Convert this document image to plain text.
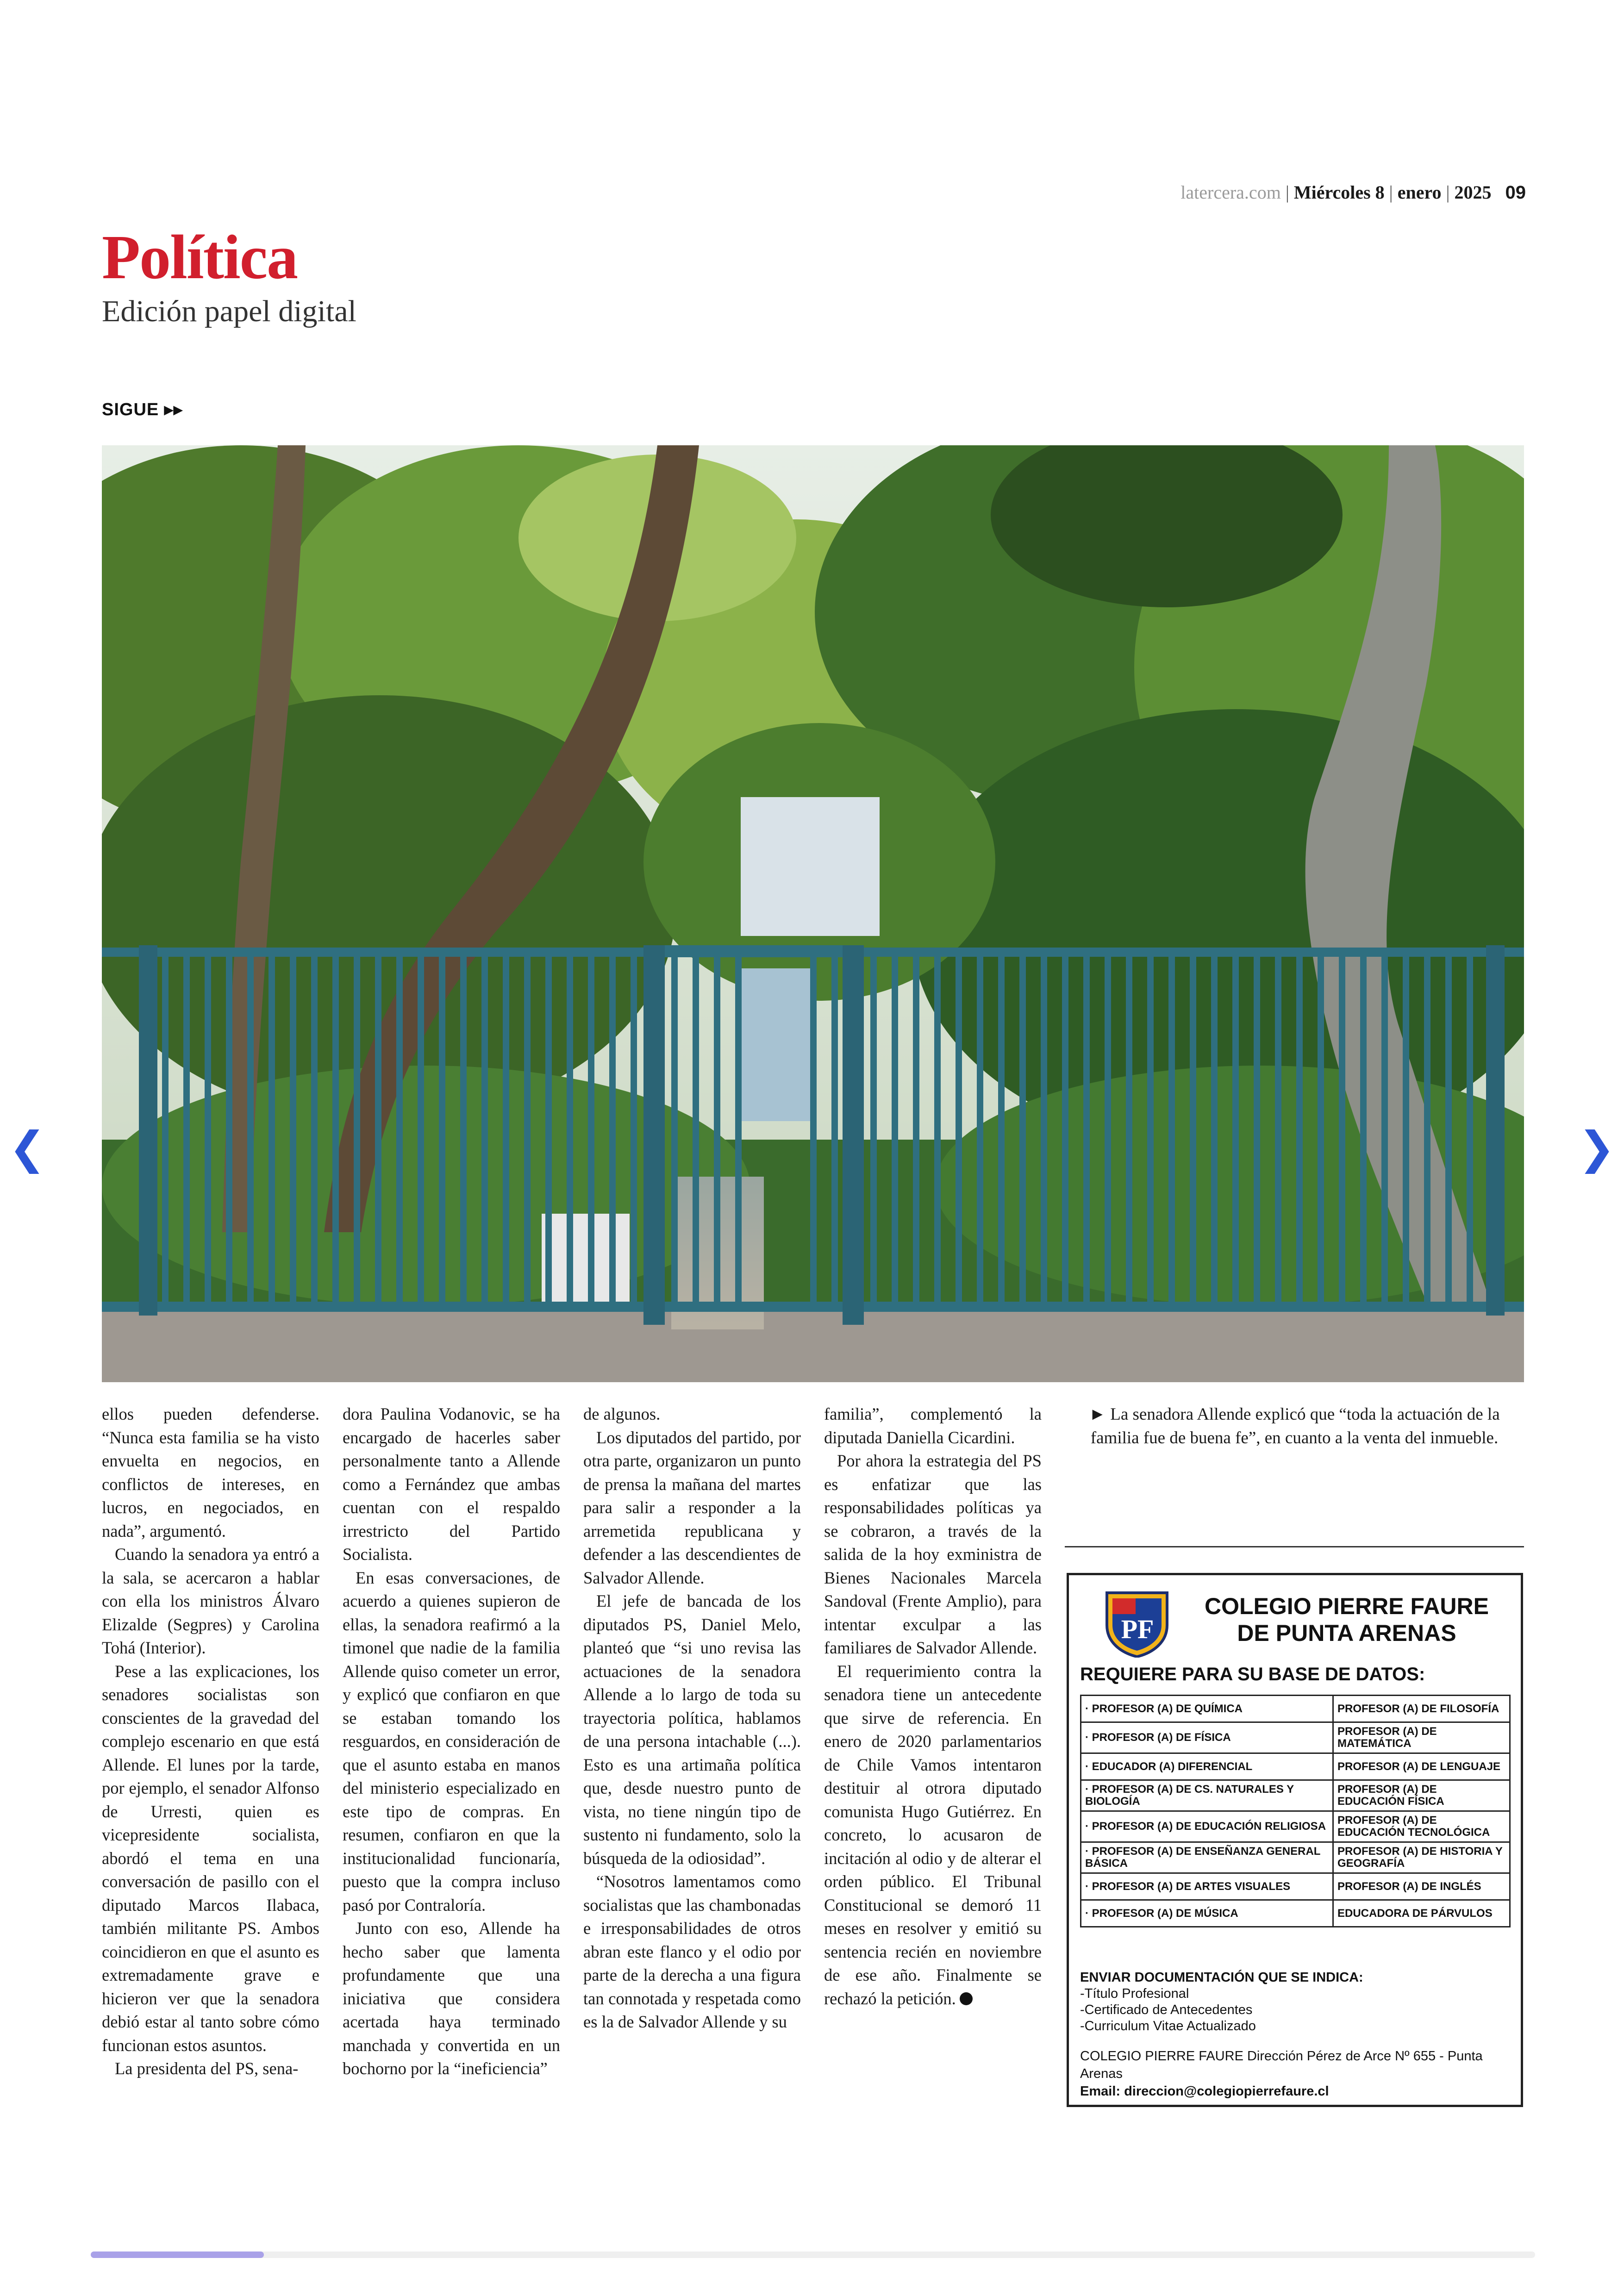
latercera.com | Miércoles 8 | enero | 2025 09
Política
Edición papel digital
SIGUE ▸▸
❮	❯

ellos pueden defenderse. “Nunca esta familia se ha visto envuelta en negocios, en conflictos de intereses, en lucros, en negociados, en nada”, argumentó.

Cuando la senadora ya entró a la sala, se acercaron a hablar con ella los ministros Álvaro Elizalde (Segpres) y Carolina Tohá (Interior).

Pese a las explicaciones, los senadores socialistas son conscientes de la gravedad del complejo escenario en que está Allende. El lunes por la tarde, por ejemplo, el senador Alfonso de Urresti, quien es vicepresidente socialista, abordó el tema en una conversación de pasillo con el diputado Marcos Ilabaca, también militante PS. Ambos coincidieron en que el asunto es extremadamente grave e hicieron ver que la senadora debió estar al tanto sobre cómo funcionan estos asuntos.

La presidenta del PS, sena-

dora Paulina Vodanovic, se ha encargado de hacerles saber personalmente tanto a Allende como a Fernández que ambas cuentan con el respaldo irrestricto del Partido Socialista.

En esas conversaciones, de acuerdo a quienes supieron de ellas, la senadora reafirmó a la timonel que nadie de la familia Allende quiso cometer un error, y explicó que confiaron en que se estaban tomando los resguardos, en consideración de que el asunto estaba en manos del ministerio especializado en este tipo de compras. En resumen, confiaron en que la institucionalidad funcionaría, puesto que la compra incluso pasó por Contraloría.

Junto con eso, Allende ha hecho saber que lamenta profundamente que una iniciativa que considera acertada haya terminado manchada y convertida en un bochorno por la “ineficiencia”

de algunos.

Los diputados del partido, por otra parte, organizaron un punto de prensa la mañana del martes para salir a responder a la arremetida republicana y defender a las descendientes de Salvador Allende.

El jefe de bancada de los diputados PS, Daniel Melo, planteó que “si uno revisa las actuaciones de la senadora Allende a lo largo de toda su trayectoria política, hablamos de una persona intachable (...). Esto es una artimaña política que, desde nuestro punto de vista, no tiene ningún tipo de sustento ni fundamento, solo la búsqueda de la odiosidad”.

“Nosotros lamentamos como socialistas que las chambonadas e irresponsabilidades de otros abran este flanco y el odio por parte de la derecha a una figura tan connotada y respetada como es la de Salvador Allende y su

familia”, complementó la diputada Daniella Cicardini.

Por ahora la estrategia del PS es enfatizar que las responsabilidades políticas ya se cobraron, a través de la salida de la hoy exministra de Bienes Nacionales Marcela Sandoval (Frente Amplio), para intentar exculpar a las familiares de Salvador Allende.

El requerimiento contra la senadora tiene un antecedente que sirve de referencia. En enero de 2020 parlamentarios de Chile Vamos intentaron destituir al otrora diputado comunista Hugo Gutiérrez. En concreto, lo acusaron de incitación al odio y de alterar el orden público. El Tribunal Constitucional se demoró 11 meses en resolver y emitió su sentencia recién en noviembre de ese año. Finalmente se rechazó la petición.

► La senadora Allende explicó que “toda la actuación de la familia fue de buena fe”, en cuanto a la venta del inmueble.
PF
COLEGIO PIERRE FAURE
DE PUNTA ARENAS
REQUIERE PARA SU BASE DE DATOS:
· PROFESOR (A) DE QUÍMICA	PROFESOR (A) DE FILOSOFÍA
· PROFESOR (A) DE FÍSICA	PROFESOR (A) DE MATEMÁTICA
· EDUCADOR (A) DIFERENCIAL	PROFESOR (A) DE LENGUAJE
· PROFESOR (A) DE CS. NATURALES Y BIOLOGÍA	PROFESOR (A) DE EDUCACIÓN FÍSICA
· PROFESOR (A) DE EDUCACIÓN RELIGIOSA	PROFESOR (A) DE EDUCACIÓN TECNOLÓGICA
· PROFESOR (A) DE ENSEÑANZA GENERAL BÁSICA	PROFESOR (A) DE HISTORIA Y GEOGRAFÍA
· PROFESOR (A) DE ARTES VISUALES	PROFESOR (A) DE INGLÉS
· PROFESOR (A) DE MÚSICA	EDUCADORA DE PÁRVULOS
ENVIAR DOCUMENTACIÓN QUE SE INDICA:
-Título Profesional
-Certificado de Antecedentes
-Curriculum Vitae Actualizado
COLEGIO PIERRE FAURE Dirección Pérez de Arce Nº 655 - Punta Arenas
Email: direccion@colegiopierrefaure.cl
